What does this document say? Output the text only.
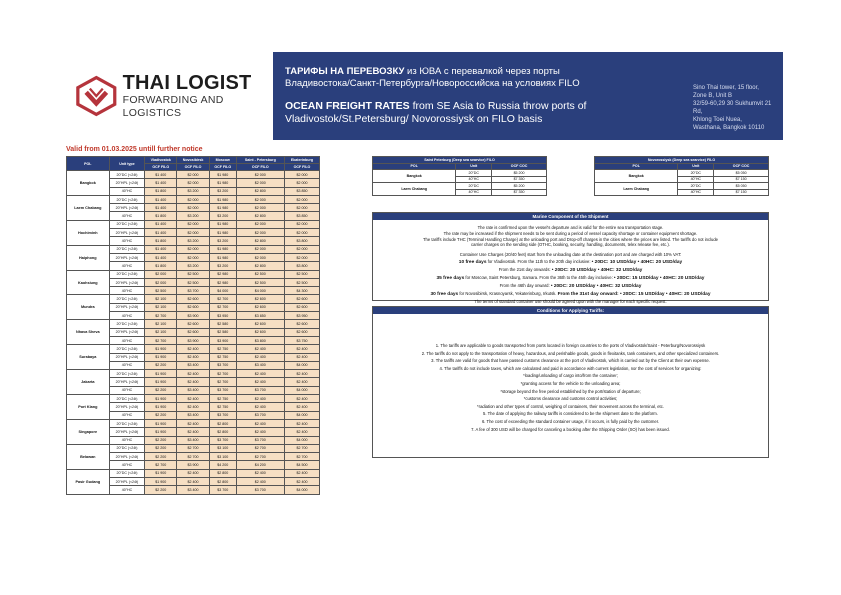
THAI LOGIST
FORWARDING AND LOGISTICS
ТАРИФЫ НА ПЕРЕВОЗКУ из ЮВА с перевалкой через порты
Владивостока/Санкт-Петербурга/Новороссийска на условиях FILO
OCEAN FREIGHT RATES from SE Asia to Russia throw ports of
Vladivostok/St.Petersburg/ Novorossiysk on FILO basis
Sino Thai tower, 15 floor, Zone B, Unit B
32/59-60,29 30 Sukhumvit 21 Rd,
Khlong Toei Nuea,
Wasthana, Bangkok 10110
Valid from 01.03.2025 untill further notice
POL	Unit type	Vladivostok	Novosibirsk	Moscow	Saint - Petersburg	Ekaterinburg
		OCF FILO	OCF FILO	OCF FILO	OCF FILO	OCF FILO
Bangkok	20"DC (<24t)	$1 400	$2 000	$1 980	$2 000	$2 000
	20"HPL (<24t)	$1 400	$2 000	$1 980	$2 000	$2 000
	40"HC	$1 800	$3 200	$3 200	$2 800	$3 850
Laem Chabang	20"DC (<24t)	$1 400	$2 000	$1 980	$2 000	$2 000
	20"HPL (<24t)	$1 400	$2 000	$1 980	$2 000	$2 000
	40"HC	$1 800	$3 200	$3 200	$2 800	$3 850
Hochiminh	20"DC (<24t)	$1 400	$2 000	$1 980	$2 000	$2 000
	20"HPL (<24t)	$1 400	$2 000	$1 980	$2 000	$2 000
	40"HC	$1 800	$3 200	$3 200	$2 800	$3 800
Haiphong	20"DC (<24t)	$1 400	$2 000	$1 980	$2 000	$2 000
	20"HPL (<24t)	$1 400	$2 000	$1 980	$2 000	$2 000
	40"HC	$1 800	$3 200	$3 200	$2 800	$3 800
Kaohsiung	20"DC (<24t)	$2 000	$2 500	$2 980	$2 500	$2 500
	20"HPL (<24t)	$2 000	$2 500	$2 980	$2 500	$2 500
	40"HC	$2 500	$3 700	$4 000	$4 000	$4 300
Mundra	20"DC (<24t)	$2 100	$2 600	$2 700	$2 600	$2 600
	20"HPL (<24t)	$2 100	$2 600	$2 700	$2 600	$2 600
	40"HC	$2 700	$3 900	$3 950	$3 850	$3 950
Nhava Sheva	20"DC (<24t)	$2 100	$2 600	$2 580	$2 600	$2 600
	20"HPL (<24t)	$2 100	$2 600	$2 580	$2 600	$2 600
	40"HC	$2 700	$3 900	$3 900	$3 800	$3 750
Surabaya	20"DC (<24t)	$1 900	$2 400	$2 750	$2 400	$2 400
	20"HPL (<24t)	$1 900	$2 400	$2 750	$2 400	$2 400
	40"HC	$2 200	$3 400	$3 700	$3 400	$4 000
Jakarta	20"DC (<24t)	$1 900	$2 400	$2 700	$2 400	$2 400
	20"HPL (<24t)	$1 900	$2 400	$2 700	$2 400	$2 400
	40"HC	$2 200	$3 400	$3 700	$3 700	$4 000
Port Klang	20"DC (<24t)	$1 900	$2 400	$2 750	$2 400	$2 400
	20"HPL (<24t)	$1 900	$2 400	$2 750	$2 400	$2 400
	40"HC	$2 200	$3 400	$3 700	$3 700	$4 000
Singapore	20"DC (<24t)	$1 900	$2 400	$2 800	$2 400	$2 400
	20"HPL (<24t)	$1 900	$2 400	$2 800	$2 400	$2 400
	40"HC	$2 200	$3 400	$3 700	$3 700	$4 000
Belawan	20"DC (<24t)	$2 200	$2 700	$3 100	$2 700	$2 700
	20"HPL (<24t)	$2 200	$2 700	$3 100	$2 700	$2 700
	40"HC	$2 700	$3 900	$4 200	$4 200	$4 500
Pasir Gudang	20"DC (<24t)	$1 900	$2 400	$2 800	$2 400	$2 400
	20"HPL (<24t)	$1 900	$2 400	$2 800	$2 400	$2 400
	40"HC	$2 200	$3 400	$3 700	$3 700	$4 000
Saint Peterburg (Deep sea searvice) FILO		
POL	Unit	OCF COC
Bangkok	20"DC	$5 200
	40"HC	$7 350
Laem Chabang	20"DC	$5 200
	40"HC	$7 350
Novorossiysk (Deep sea searvice) FILO		
POL	Unit	OCF COC
Bangkok	20"DC	$5 050
	40"HC	$7 150
Laem Chabang	20"DC	$5 050
	40"HC	$7 150
Marine Component of the Shipment

The rate is confirmed upon the vessel's departure and is valid for the entire sea transportation stage.

The rate may be increased if the shipment needs to be sent during a period of vessel capacity shortage or container equipment shortage.

The tariffs include THC (Terminal Handling Charge) at the unloading port and Drop-off charges in the cities where the prices are listed. The tariffs do not include

carrier charges on the sending side (OTHC, booking, security, handling, documents, telex release fee, etc.).

Container Use Charges (20/40 feet) start from the unloading date at the destination port and are charged with 10% VAT:

10 free days for Vladivostok. From the 11th to the 20th day inclusive: • 20DC: 10 USD/day • 40HC: 20 USD/day

From the 21st day onwards: • 20DC: 20 USD/day • 40HC: 32 USD/day

35 free days for Moscow, Saint Petersburg, Samara. From the 36th to the 45th day inclusive: • 20DC: 15 USD/day • 40HC: 20 USD/day

From the 46th day onward: • 20DC: 20 USD/day • 40HC: 32 USD/day

30 free days for Novosibirsk, Krasnoyarsk, Yekaterinburg, Irkutsk. From the 31st day onward: • 20DC: 15 USD/day • 40HC: 20 USD/day

The terms of standard container use should be agreed upon with the manager for each specific request.

Conditions for Applying Tariffs:

1. The tariffs are applicable to goods transported from ports located in foreign countries to the ports of Vladivostok/Saint - Peterburg/Novorossiysk

2. The tariffs do not apply to the transportation of heavy, hazardous, and perishable goods, goods in flexitanks, tank containers, and other specialized containers.

3. The tariffs are valid for goods that have passed customs clearance at the port of Vladivostok, which is carried out by the Client at their own expense.

4. The tariffs do not include taxes, which are calculated and paid in accordance with current legislation, nor the cost of services for organizing:

*loading/unloading of cargo into/from the container;

*granting access for the vehicle to the unloading area;

*storage beyond the free period established by the port/station of departure;

*customs clearance and customs control activities;

*radiation and other types of control, weighing of containers, their movement across the terminal, etc.

5. The date of applying the railway tariffs is considered to be the shipment date to the platform.

6. The cost of exceeding the standard container usage, if it occurs, is fully paid by the customer.

7. A fee of 300 USD will be charged for canceling a booking after the Shipping Order (SO) has been issued.
